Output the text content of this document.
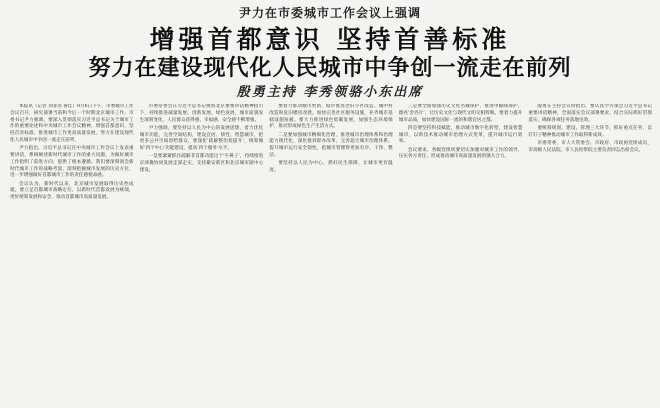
尹力在市委城市工作会议上强调
增强首都意识 坚持首善标准
努力在建设现代化人民城市中争创一流走在前列
殷勇主持 李秀领骆小东出席

本报讯（记者 刘菲菲 鲁佳）8月6日下午，市委城市工作会议召开，研究部署当前和今后一个时期北京城市工作。市委书记尹力强调，要深入贯彻落实习近平总书记关于城市工作的重要论述和中央城市工作会议精神，增强首都意识，坚持首善标准，推进城市工作更高质量发展，努力在建设现代化人民城市中争创一流走在前列。

尹力指出，习近平总书记在中央城市工作会议上发表重要讲话，系统阐述新时代城市工作的重大问题，为做好城市工作指明了前进方向、提供了根本遵循。我们要深刻领会新时代城市工作的战略考量，深刻把握城市发展的历史方位，进一步增强做好首都城市工作的责任感使命感。

会议认为，新时代以来，北京城市发展取得历史性成就。要立足首都城市战略定位，以新时代首都发展为统领，更好统筹发展和安全，推动首都城市高质量发展。

市委常委会在习近平总书记视察北京重要讲话精神指引下，持续推进减量发展、创新发展、绿色发展，城市面貌发生深刻变化，人民群众获得感、幸福感、安全感不断增强。

尹力强调，要坚持以人民为中心的发展思想，着力优化城市功能，完善空间结构，建设宜居、韧性、智慧城市，把更多公共空间留给群众。要深化'疏解整治促提升'，统筹做好'四个中心'功能建设，提高'四个服务'水平。

一是要紧紧抓住疏解非首都功能这个'牛鼻子'，持续推进京津冀协同发展走深走实，支持雄安新区和北京城市副中心建设。

要着力推动城市更新，稳步推进老旧小区改造、城中村改造和危旧楼房改建，加快完善社区服务设施，补齐城市基础设施短板。要大力推进绿色低碳发展，加强生态环境保护，推动形成绿色生产生活方式。

二是要加强城市精细化治理，推进城市治理体系和治理能力现代化，深化接诉即办改革，完善超大城市治理体系，提升城市运行安全韧性，把城市管理得更加有序、干净、整洁。

要坚持以人民为中心，抓好民生保障，让城市更有温度。

三是要全面加强历史文化名城保护，推进中轴线保护，擦亮'金名片'，让历史文化与现代文明交相辉映。要着力提升城市品质，加快建设国际一流的和谐宜居之都。

四是要坚持科技赋能，推动城市数字化转型，建设智慧城市，以新技术推动城市治理方式变革，提升城市运行效率。

会议要求，各级党组织要切实加强对城市工作的领导，压实各方责任，形成推动城市高质量发展的强大合力。

殷勇在主持会议时指出，要认真学习领会习近平总书记重要讲话精神，全面落实会议部署要求，结合实际抓好贯彻落实，确保各项任务落地见效。

要统筹规划、建设、管理三大环节，抓好重点任务，以钉钉子精神推动城市工作取得新成效。

市委常委，市人大常委会、市政府、市政协党组成员，市高级人民法院、市人民检察院主要负责同志出席会议。
